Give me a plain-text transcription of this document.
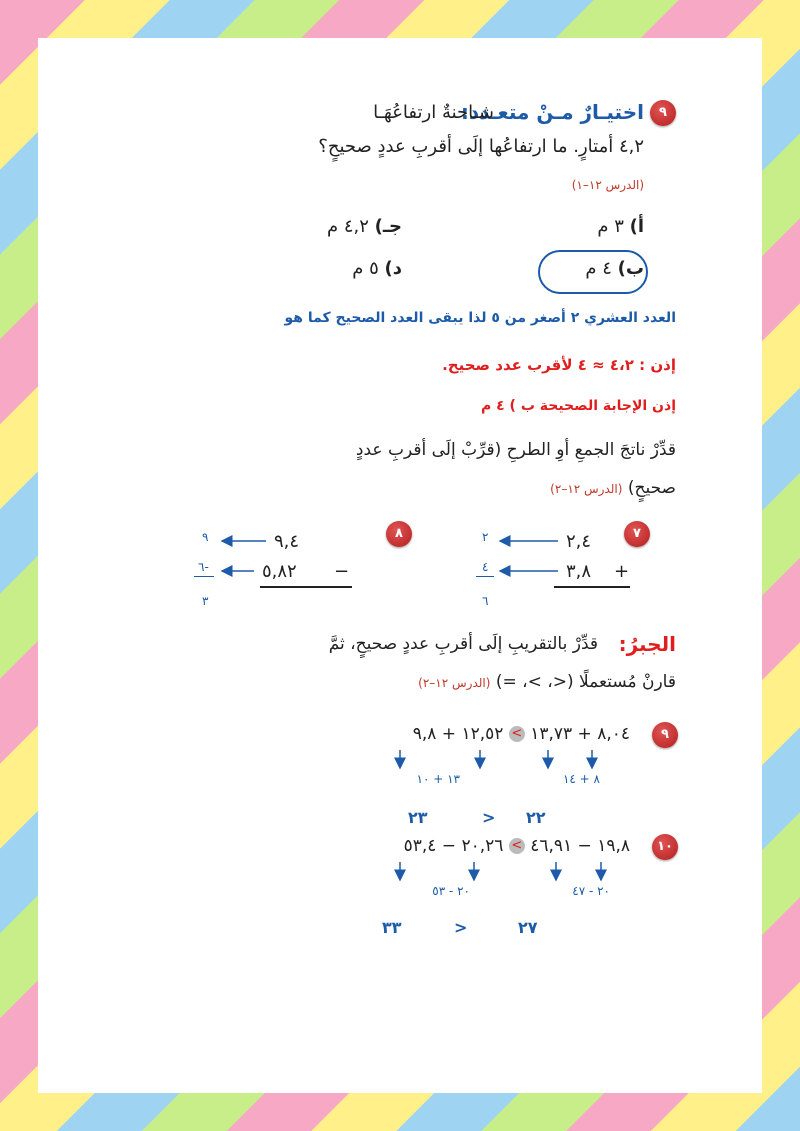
٩
اختيـارٌ مـنْ متعـدد:
شـاحنةٌ ارتفاعُهَـا
٤,٢ أمتارٍ. ما ارتفاعُها إلَى أقربِ عددٍ صحيحٍ؟
(الدرس ١٢–١)
أ) ٣ م
جـ) ٤,٢ م
ب) ٤ م
د) ٥ م
العدد العشري ٢ أصغر من ٥ لذا يبقى العدد الصحيح كما هو
إذن : ٤،٢ ≈ ٤ لأقرب عدد صحيح.
إذن الإجابة الصحيحة ب ) ٤ م
قدِّرْ ناتجَ الجمعِ أوِ الطرحِ (قرِّبْ إلَى أقربِ عددٍ
صحيحٍ) (الدرس ١٢–٢)
٧
٢,٤
٣,٨ +
٢
٤
٦
٨
٩,٤
٥,٨٢ −
٩
٦-
٣
الجبرُ:
قدِّرْ بالتقريبِ إلَى أقربِ عددٍ صحيحٍ، ثمَّ
قارنْ مُستعملًا (<، >، =) (الدرس ١٢–٢)
٩
٨,٠٤ + ١٣,٧٣ > ١٢,٥٢ + ٩,٨
٨ + ١٤
١٣ + ١٠
٢٢
>
٢٣
١٠
١٩,٨ − ٤٦,٩١ > ٢٠,٢٦ − ٥٣,٤
٢٠ - ٤٧
٢٠ - ٥٣
٢٧
>
٣٣
